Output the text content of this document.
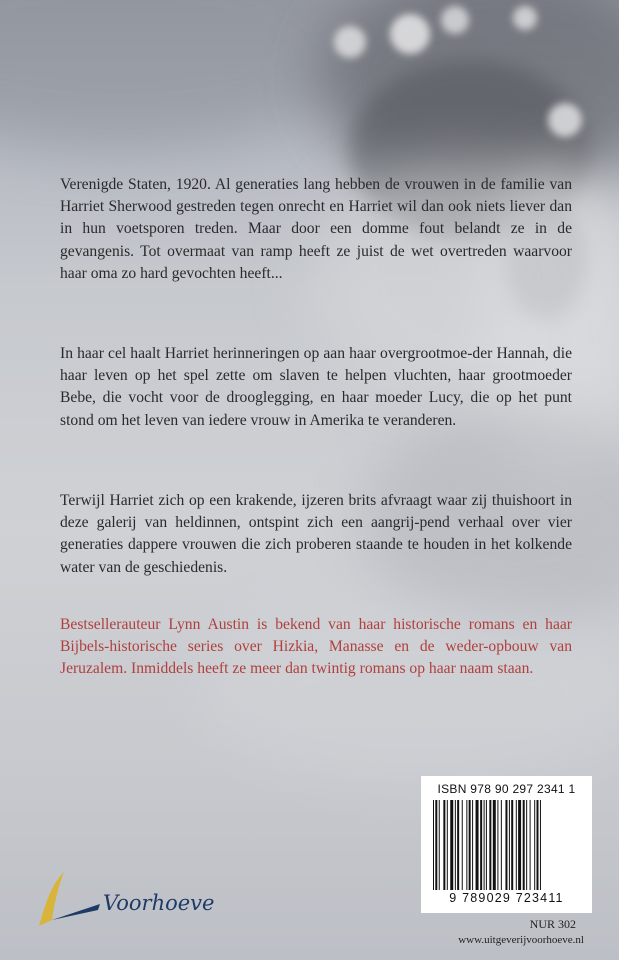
Verenigde Staten, 1920. Al generaties lang hebben de vrouwen in de familie van Harriet Sherwood gestreden tegen onrecht en Harriet wil dan ook niets liever dan in hun voetsporen treden. Maar door een domme fout belandt ze in de gevangenis. Tot overmaat van ramp heeft ze juist de wet overtreden waarvoor haar oma zo hard gevochten heeft...

In haar cel haalt Harriet herinneringen op aan haar overgrootmoe-der Hannah, die haar leven op het spel zette om slaven te helpen vluchten, haar grootmoeder Bebe, die vocht voor de drooglegging, en haar moeder Lucy, die op het punt stond om het leven van iedere vrouw in Amerika te veranderen.

Terwijl Harriet zich op een krakende, ijzeren brits afvraagt waar zij thuishoort in deze galerij van heldinnen, ontspint zich een aangrij-pend verhaal over vier generaties dappere vrouwen die zich proberen staande te houden in het kolkende water van de geschiedenis.

Bestsellerauteur Lynn Austin is bekend van haar historische romans en haar Bijbels-historische series over Hizkia, Manasse en de weder-opbouw van Jeruzalem. Inmiddels heeft ze meer dan twintig romans op haar naam staan.

ISBN 978 90 297 2341 1
9 789029 723411
NUR 302
www.uitgeverijvoorhoeve.nl
Voorhoeve
